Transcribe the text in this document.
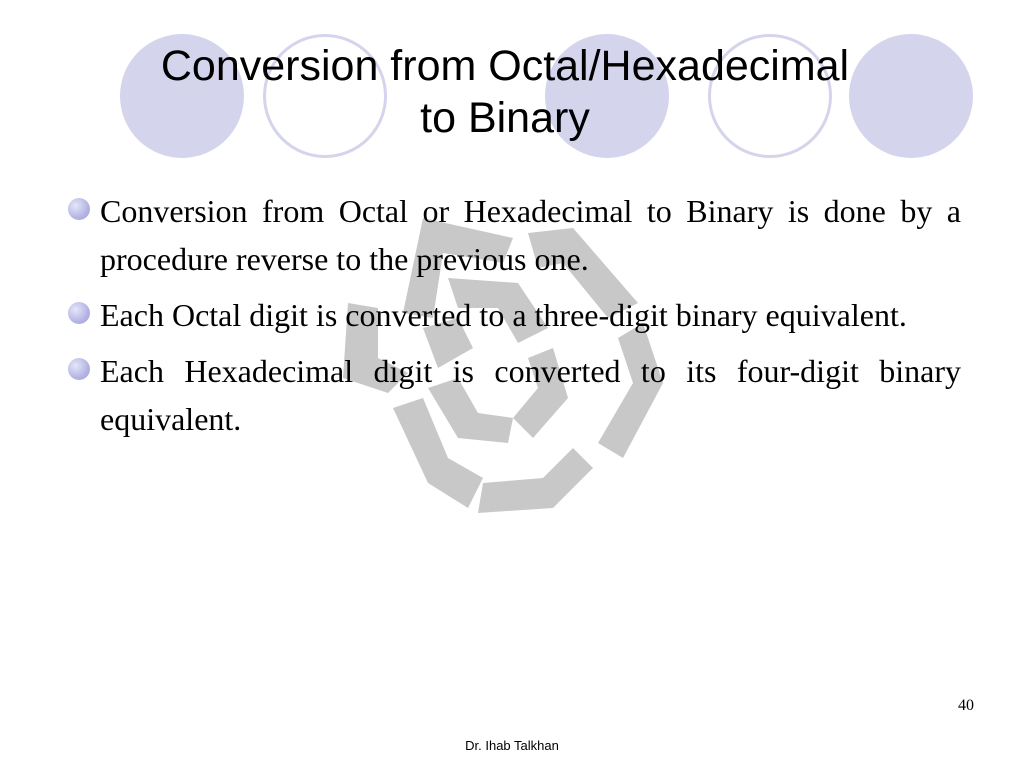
Conversion from Octal/Hexadecimal
to Binary
Conversion from Octal or Hexadecimal to Binary is done by a procedure reverse to the previous one.
Each Octal digit is converted to a three-digit binary equivalent.
Each Hexadecimal digit is converted to its four-digit binary equivalent.
40
Dr. Ihab Talkhan
